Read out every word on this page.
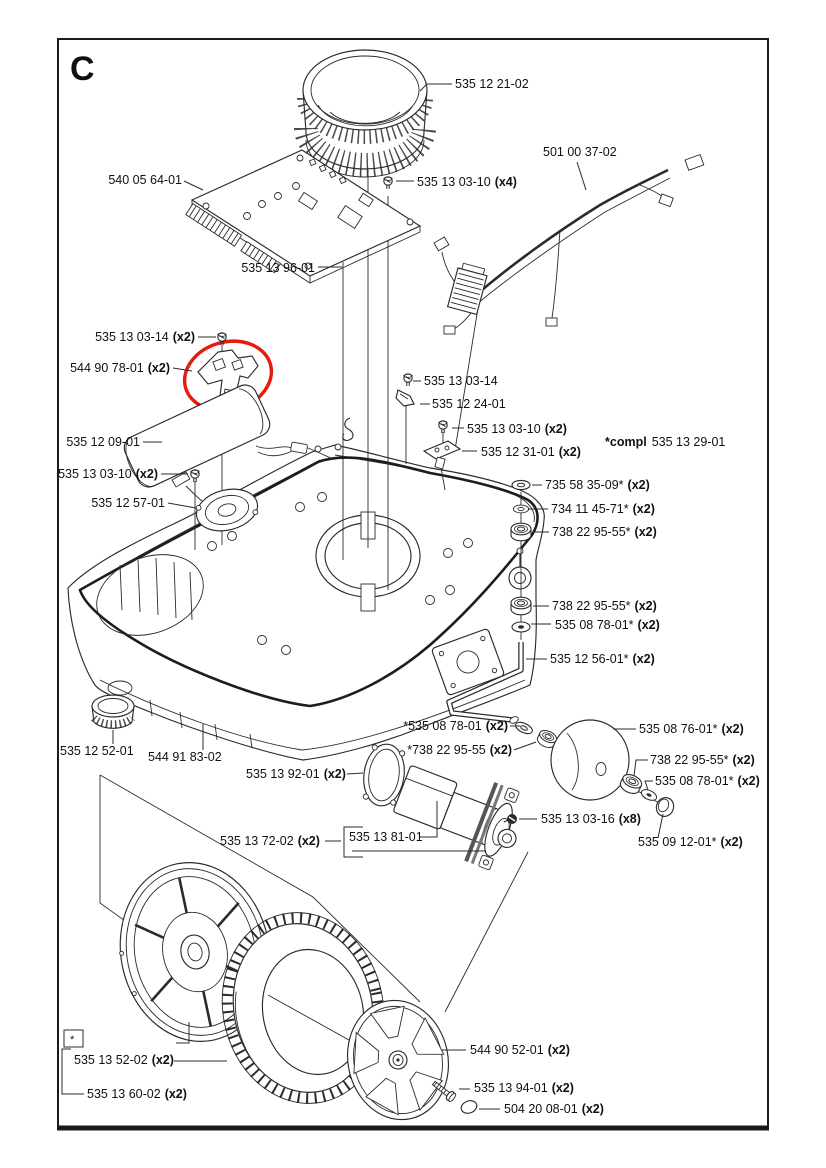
C	535 12 21-02
540 05 64-01	535 13 03-10 (x4)
501 00 37-02
535 13 96-01
535 13 03-14 (x2)
544 90 78-01 (x2)
535 12 09-01
535 13 03-10 (x2)
535 12 57-01
535 13 03-14
535 12 24-01
535 13 03-10 (x2)
535 12 31-01 (x2)
*compl 535 13 29-01
735 58 35-09* (x2)
734 11 45-71* (x2)
738 22 95-55* (x2)
738 22 95-55* (x2)
535 08 78-01* (x2)
535 12 56-01* (x2)
*535 08 78-01 (x2)
*738 22 95-55 (x2)
535 08 76-01* (x2)
738 22 95-55* (x2)
535 08 78-01* (x2)
535 13 03-16 (x8)
535 09 12-01* (x2)
535 12 52-01 544 91 83-02
535 13 92-01 (x2)
535 13 72-02 (x2) 535 13 81-01
544 90 52-01 (x2)
535 13 94-01 (x2)
504 20 08-01 (x2)
*
535 13 52-02 (x2)
535 13 60-02 (x2)
